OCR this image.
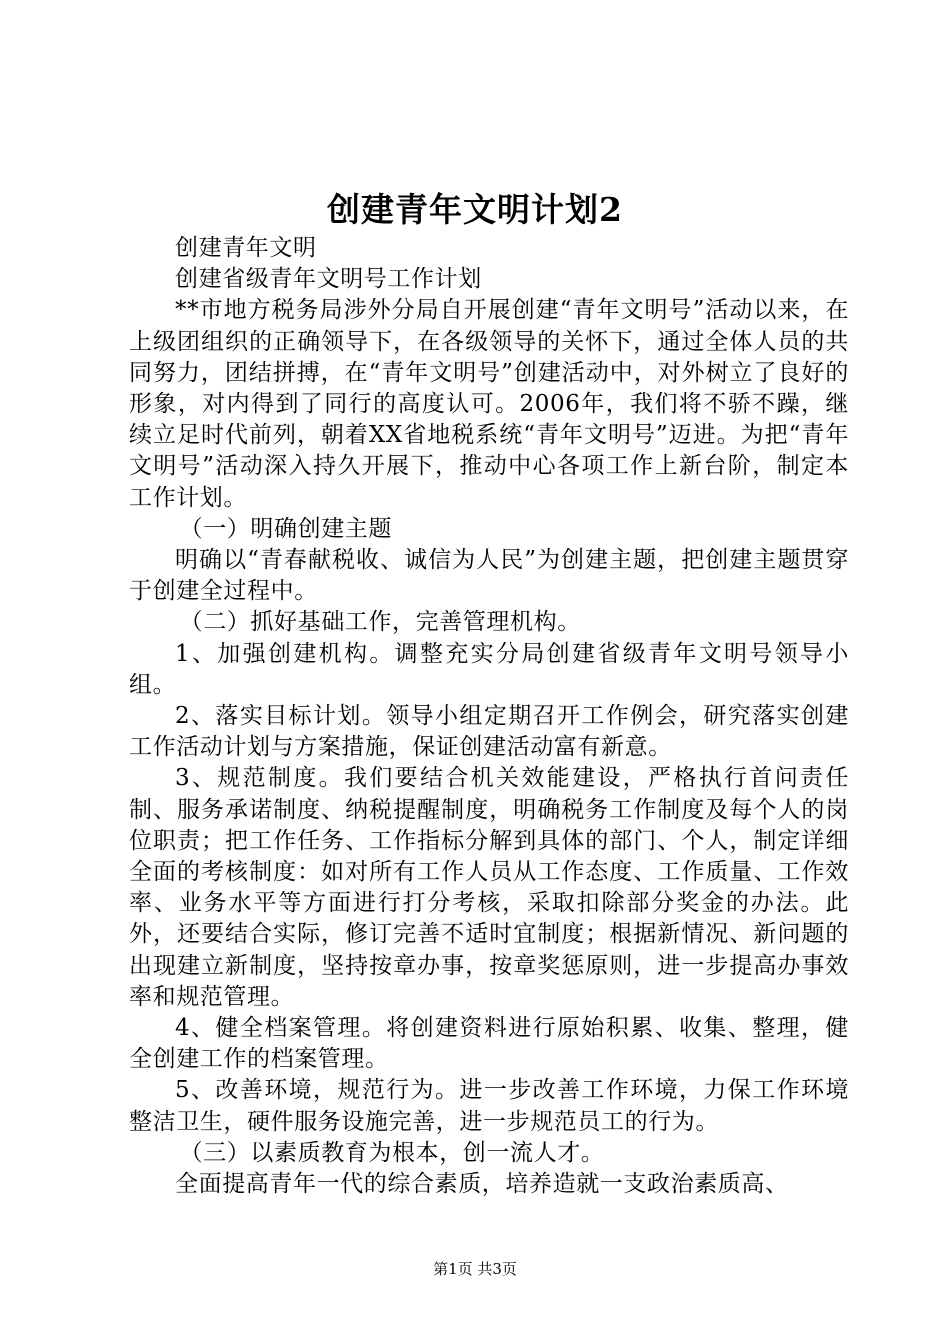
创建青年文明计划2

创建青年文明

创建省级青年文明号工作计划

**市地方税务局涉外分局自开展创建“青年文明号”活动以来，在上级团组织的正确领导下，在各级领导的关怀下，通过全体人员的共同努力，团结拼搏，在“青年文明号”创建活动中，对外树立了良好的形象，对内得到了同行的高度认可。2006年，我们将不骄不躁，继续立足时代前列，朝着XX省地税系统“青年文明号”迈进。为把“青年文明号”活动深入持久开展下，推动中心各项工作上新台阶，制定本工作计划。

（一）明确创建主题

明确以“青春献税收、诚信为人民”为创建主题，把创建主题贯穿于创建全过程中。

（二）抓好基础工作，完善管理机构。

1、加强创建机构。调整充实分局创建省级青年文明号领导小组。

2、落实目标计划。领导小组定期召开工作例会，研究落实创建工作活动计划与方案措施，保证创建活动富有新意。

3、规范制度。我们要结合机关效能建设，严格执行首问责任制、服务承诺制度、纳税提醒制度，明确税务工作制度及每个人的岗位职责；把工作任务、工作指标分解到具体的部门、个人，制定详细全面的考核制度：如对所有工作人员从工作态度、工作质量、工作效率、业务水平等方面进行打分考核，采取扣除部分奖金的办法。此外，还要结合实际，修订完善不适时宜制度；根据新情况、新问题的出现建立新制度，坚持按章办事，按章奖惩原则，进一步提高办事效率和规范管理。

4、健全档案管理。将创建资料进行原始积累、收集、整理，健全创建工作的档案管理。

5、改善环境，规范行为。进一步改善工作环境，力保工作环境整洁卫生，硬件服务设施完善，进一步规范员工的行为。

（三）以素质教育为根本，创一流人才。

全面提高青年一代的综合素质，培养造就一支政治素质高、

第1页 共3页
